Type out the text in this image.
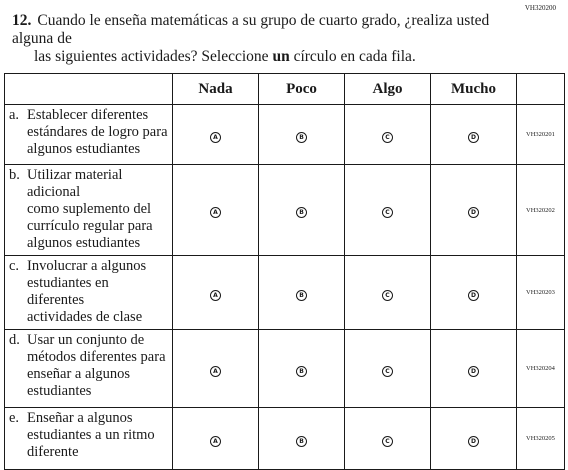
VH320200
12. Cuando le enseña matemáticas a su grupo de cuarto grado, ¿realiza usted alguna de
las siguientes actividades? Seleccione un círculo en cada fila.
	Nada	Poco	Algo	Mucho	

a. Establecer diferentes
estándares de logro para
algunos estudiantes	A	B	C	D	VH320201

b. Utilizar material adicional
como suplemento del
currículo regular para
algunos estudiantes	A	B	C	D	VH320202

c. Involucrar a algunos
estudiantes en diferentes
actividades de clase	A	B	C	D	VH320203

d. Usar un conjunto de
métodos diferentes para
enseñar a algunos
estudiantes	A	B	C	D	VH320204

e. Enseñar a algunos
estudiantes a un ritmo
diferente	A	B	C	D	VH320205
